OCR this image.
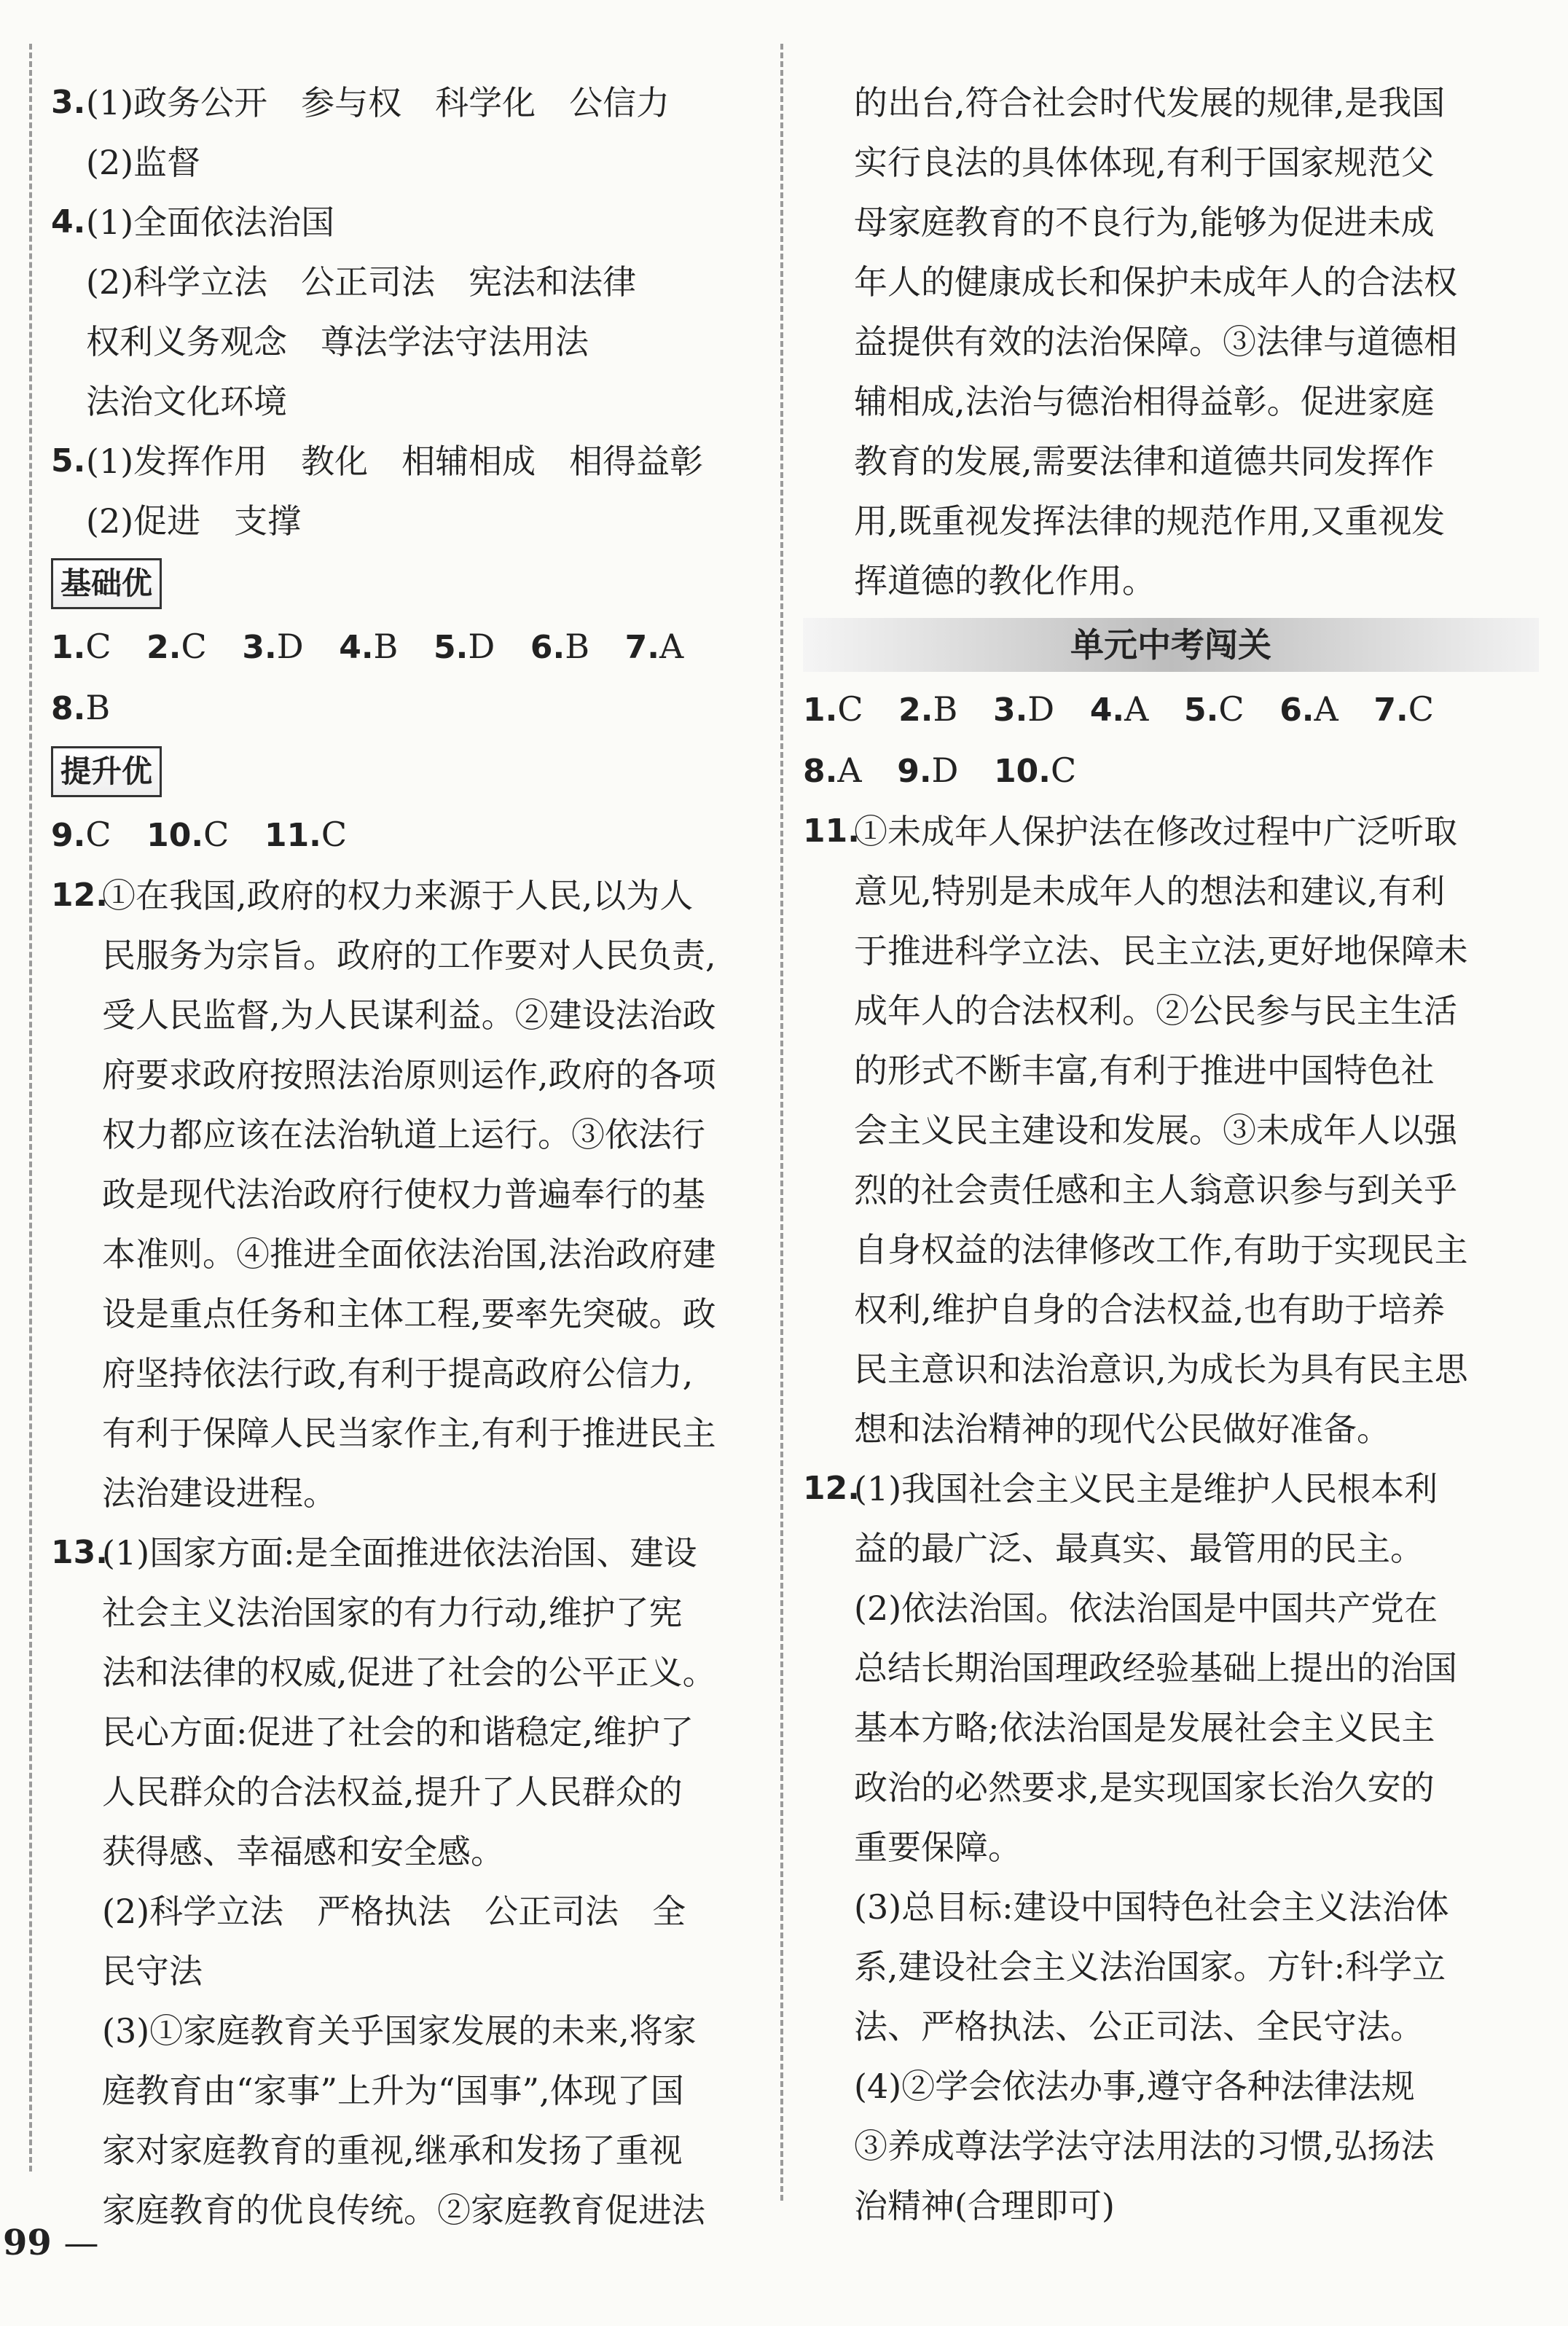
3. (1)政务公开　参与权　科学化　公信力

(2)监督

4. (1)全面依法治国

(2)科学立法　公正司法　宪法和法律

权利义务观念　尊法学法守法用法

法治文化环境

5. (1)发挥作用　教化　相辅相成　相得益彰

(2)促进　支撑

基础优
1.C 2.C 3.D 4.B 5.D 6.B 7.A 8.B
提升优
9.C 10.C 11.C
12.

①在我国,政府的权力来源于人民,以为人

民服务为宗旨。政府的工作要对人民负责,

受人民监督,为人民谋利益。②建设法治政

府要求政府按照法治原则运作,政府的各项

权力都应该在法治轨道上运行。③依法行

政是现代法治政府行使权力普遍奉行的基

本准则。④推进全面依法治国,法治政府建

设是重点任务和主体工程,要率先突破。政

府坚持依法行政,有利于提高政府公信力,

有利于保障人民当家作主,有利于推进民主

法治建设进程。

13.

(1)国家方面:是全面推进依法治国、建设

社会主义法治国家的有力行动,维护了宪

法和法律的权威,促进了社会的公平正义。

民心方面:促进了社会的和谐稳定,维护了

人民群众的合法权益,提升了人民群众的

获得感、幸福感和安全感。

(2)科学立法　严格执法　公正司法　全

民守法

(3)①家庭教育关乎国家发展的未来,将家

庭教育由“家事”上升为“国事”,体现了国

家对家庭教育的重视,继承和发扬了重视

家庭教育的优良传统。②家庭教育促进法

的出台,符合社会时代发展的规律,是我国

实行良法的具体体现,有利于国家规范父

母家庭教育的不良行为,能够为促进未成

年人的健康成长和保护未成年人的合法权

益提供有效的法治保障。③法律与道德相

辅相成,法治与德治相得益彰。促进家庭

教育的发展,需要法律和道德共同发挥作

用,既重视发挥法律的规范作用,又重视发

挥道德的教化作用。

单元中考闯关
1.C 2.B 3.D 4.A 5.C 6.A 7.C
8.A 9.D 10.C
11.

①未成年人保护法在修改过程中广泛听取

意见,特别是未成年人的想法和建议,有利

于推进科学立法、民主立法,更好地保障未

成年人的合法权利。②公民参与民主生活

的形式不断丰富,有利于推进中国特色社

会主义民主建设和发展。③未成年人以强

烈的社会责任感和主人翁意识参与到关乎

自身权益的法律修改工作,有助于实现民主

权利,维护自身的合法权益,也有助于培养

民主意识和法治意识,为成长为具有民主思

想和法治精神的现代公民做好准备。

12.

(1)我国社会主义民主是维护人民根本利

益的最广泛、最真实、最管用的民主。

(2)依法治国。依法治国是中国共产党在

总结长期治国理政经验基础上提出的治国

基本方略;依法治国是发展社会主义民主

政治的必然要求,是实现国家长治久安的

重要保障。

(3)总目标:建设中国特色社会主义法治体

系,建设社会主义法治国家。方针:科学立

法、严格执法、公正司法、全民守法。

(4)②学会依法办事,遵守各种法律法规

③养成尊法学法守法用法的习惯,弘扬法

治精神(合理即可)

99 —
